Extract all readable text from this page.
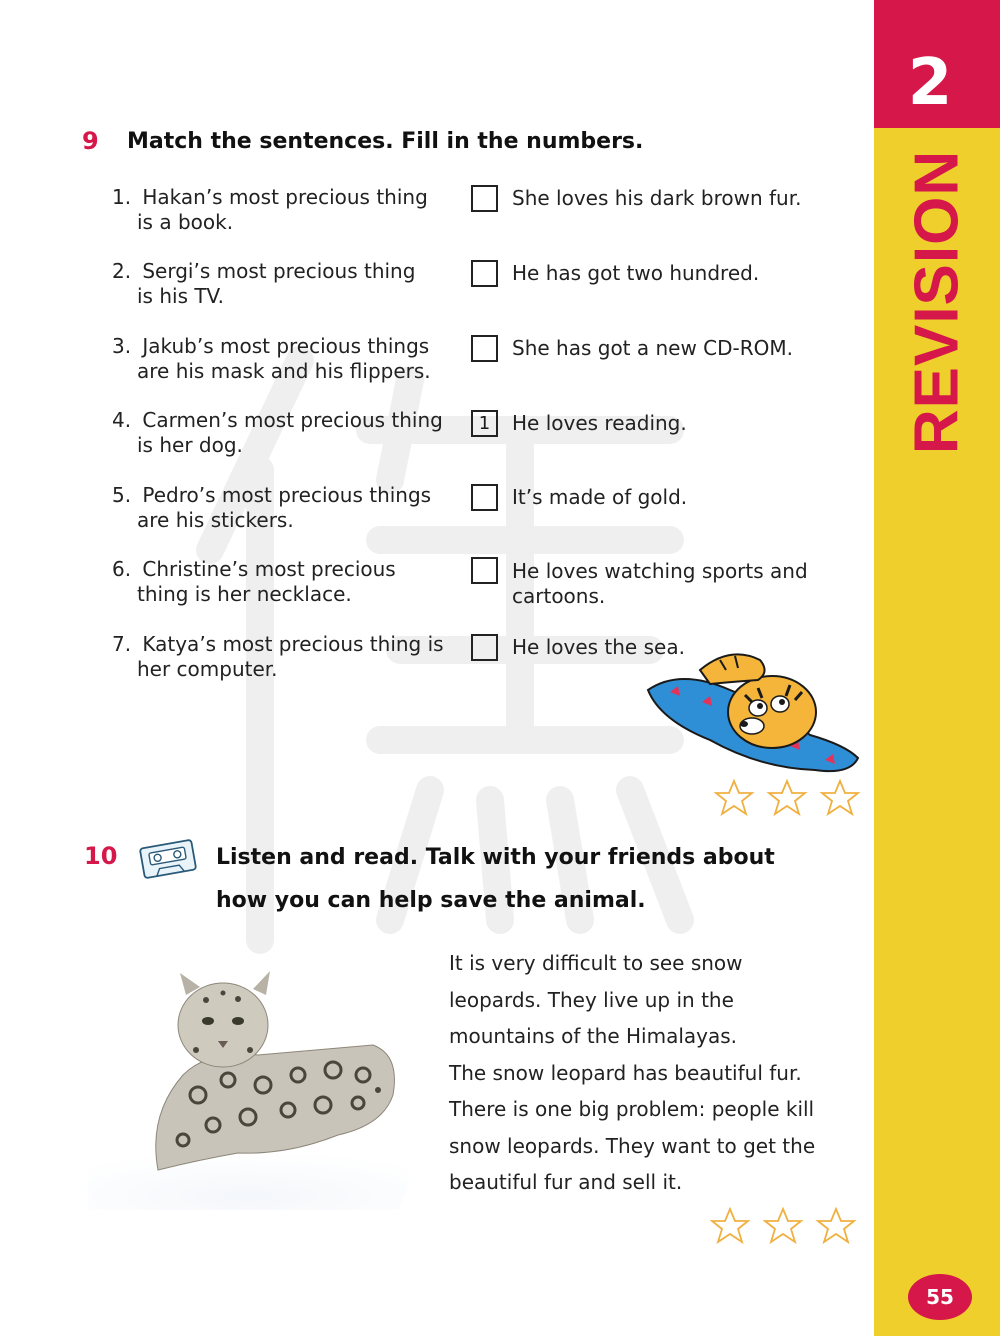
2
REVISION
55
9 Match the sentences. Fill in the numbers.
1. Hakan’s most precious thing
is a book.
2. Sergi’s most precious thing
is his TV.
3. Jakub’s most precious things
are his mask and his flippers.
4. Carmen’s most precious thing
is her dog.
5. Pedro’s most precious things
are his stickers.
6. Christine’s most precious
thing is her necklace.
7. Katya’s most precious thing is
her computer.
She loves his dark brown fur.
He has got two hundred.
She has got a new CD-ROM.
1	He loves reading.
It’s made of gold.
He loves watching sports and cartoons.
He loves the sea.
10	Listen and read. Talk with your friends about
how you can help save the animal.

It is very difficult to see snow

leopards. They live up in the

mountains of the Himalayas.

The snow leopard has beautiful fur.

There is one big problem: people kill

snow leopards. They want to get the

beautiful fur and sell it.
